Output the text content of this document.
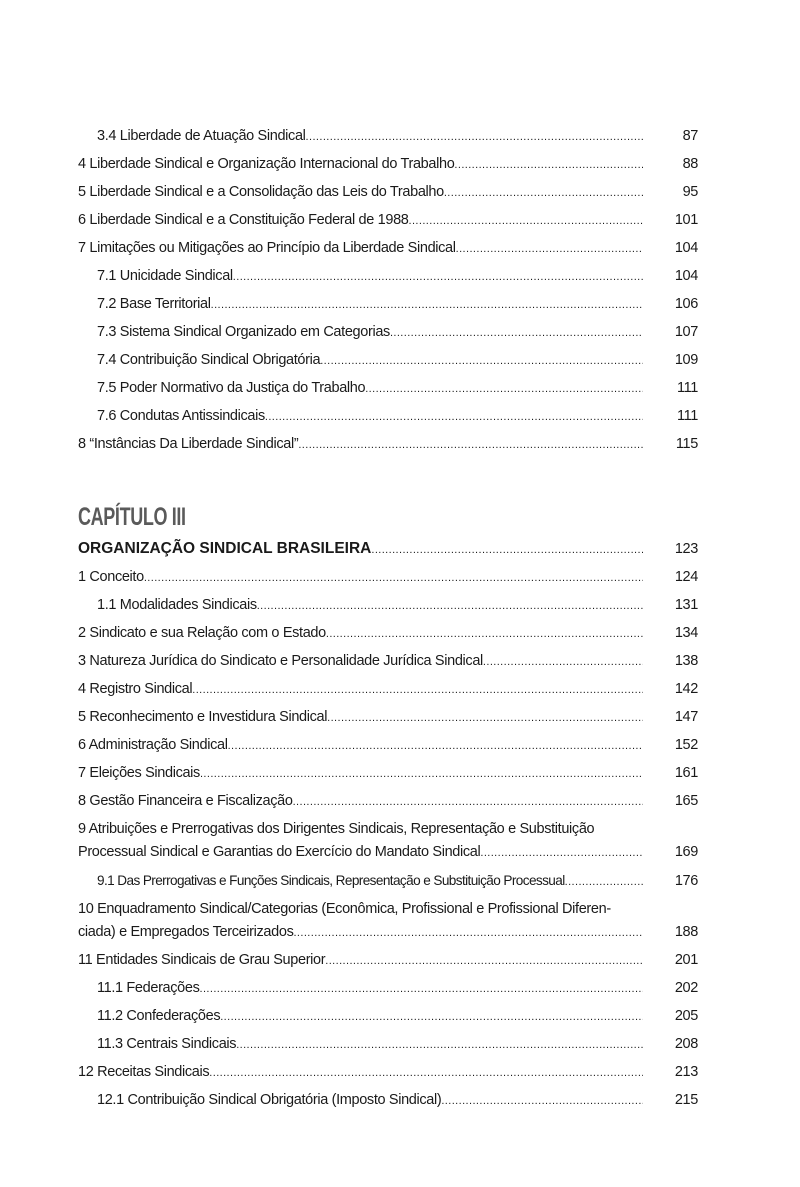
3.4 Liberdade de Atuação Sindical .....	87
4 Liberdade Sindical e Organização Internacional do Trabalho .....	88
5 Liberdade Sindical e a Consolidação das Leis do Trabalho .....	95
6 Liberdade Sindical e a Constituição Federal de 1988 .....	101
7 Limitações ou Mitigações ao Princípio da Liberdade Sindical .....	104
7.1 Unicidade Sindical .....	104
7.2 Base Territorial .....	106
7.3 Sistema Sindical Organizado em Categorias .....	107
7.4 Contribuição Sindical Obrigatória .....	109
7.5 Poder Normativo da Justiça do Trabalho .....	111
7.6 Condutas Antissindicais .....	111
8 “Instâncias Da Liberdade Sindical” .....	115
CAPÍTULO III
ORGANIZAÇÃO SINDICAL BRASILEIRA .....	123
1 Conceito .....	124
1.1 Modalidades Sindicais .....	131
2 Sindicato e sua Relação com o Estado .....	134
3 Natureza Jurídica do Sindicato e Personalidade Jurídica Sindical .....	138
4 Registro Sindical .....	142
5 Reconhecimento e Investidura Sindical .....	147
6 Administração Sindical .....	152
7 Eleições Sindicais .....	161
8 Gestão Financeira e Fiscalização .....	165
9 Atribuições e Prerrogativas dos Dirigentes Sindicais, Representação e Substituição
Processual Sindical e Garantias do Exercício do Mandato Sindical .....	169
9.1 Das Prerrogativas e Funções Sindicais, Representação e Substituição Processual .....	176
10 Enquadramento Sindical/Categorias (Econômica, Profissional e Profissional Diferen-
ciada) e Empregados Terceirizados .....	188
11 Entidades Sindicais de Grau Superior .....	201
11.1 Federações .....	202
11.2 Confederações .....	205
11.3 Centrais Sindicais .....	208
12 Receitas Sindicais .....	213
12.1 Contribuição Sindical Obrigatória (Imposto Sindical) .....	215
